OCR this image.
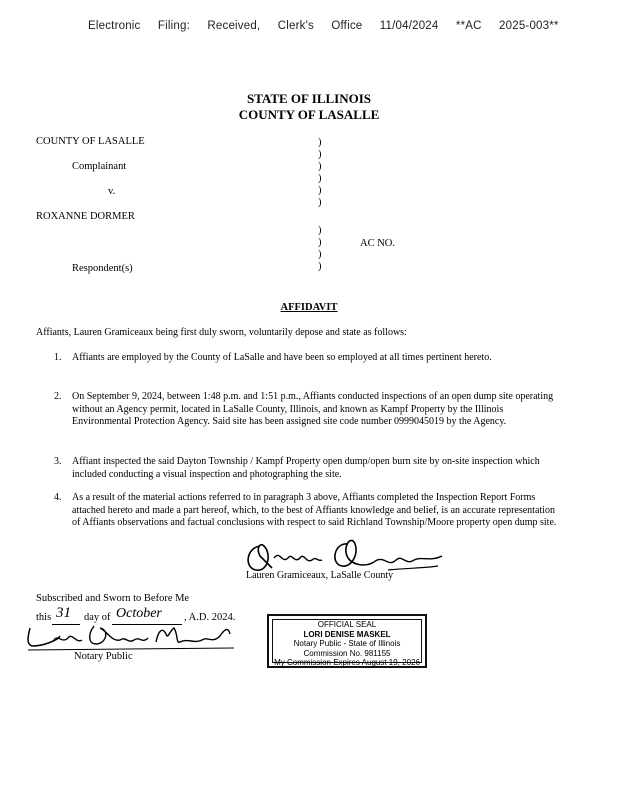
Electronic Filing: Received, Clerk's Office 11/04/2024 **AC 2025-003**
STATE OF ILLINOIS
COUNTY OF LASALLE
COUNTY OF LASALLE
Complainant
v.
ROXANNE DORMER
AC NO.
Respondent(s)
)
)
)
)
)
)
)
)
)
)
AFFIDAVIT
Affiants, Lauren Gramiceaux being first duly sworn, voluntarily depose and state as follows:
1. Affiants are employed by the County of LaSalle and have been so employed at all times pertinent hereto.
2. On September 9, 2024, between 1:48 p.m. and 1:51 p.m., Affiants conducted inspections of an open dump site operating without an Agency permit, located in LaSalle County, Illinois, and known as Kampf Property by the Illinois Environmental Protection Agency. Said site has been assigned site code number 0999045019 by the Agency.
3. Affiant inspected the said Dayton Township / Kampf Property open dump/open burn site by on-site inspection which included conducting a visual inspection and photographing the site.
4. As a result of the material actions referred to in paragraph 3 above, Affiants completed the Inspection Report Forms attached hereto and made a part hereof, which, to the best of Affiants knowledge and belief, is an accurate representation of Affiants observations and factual conclusions with respect to said Richland Township/Moore property open dump site.
Lauren Gramiceaux, LaSalle County
Subscribed and Sworn to Before Me
this 31 day of October , A.D. 2024.
Notary Public
OFFICIAL SEAL
LORI DENISE MASKEL
Notary Public - State of Illinois
Commission No. 981155
My Commission Expires August 19, 2026
